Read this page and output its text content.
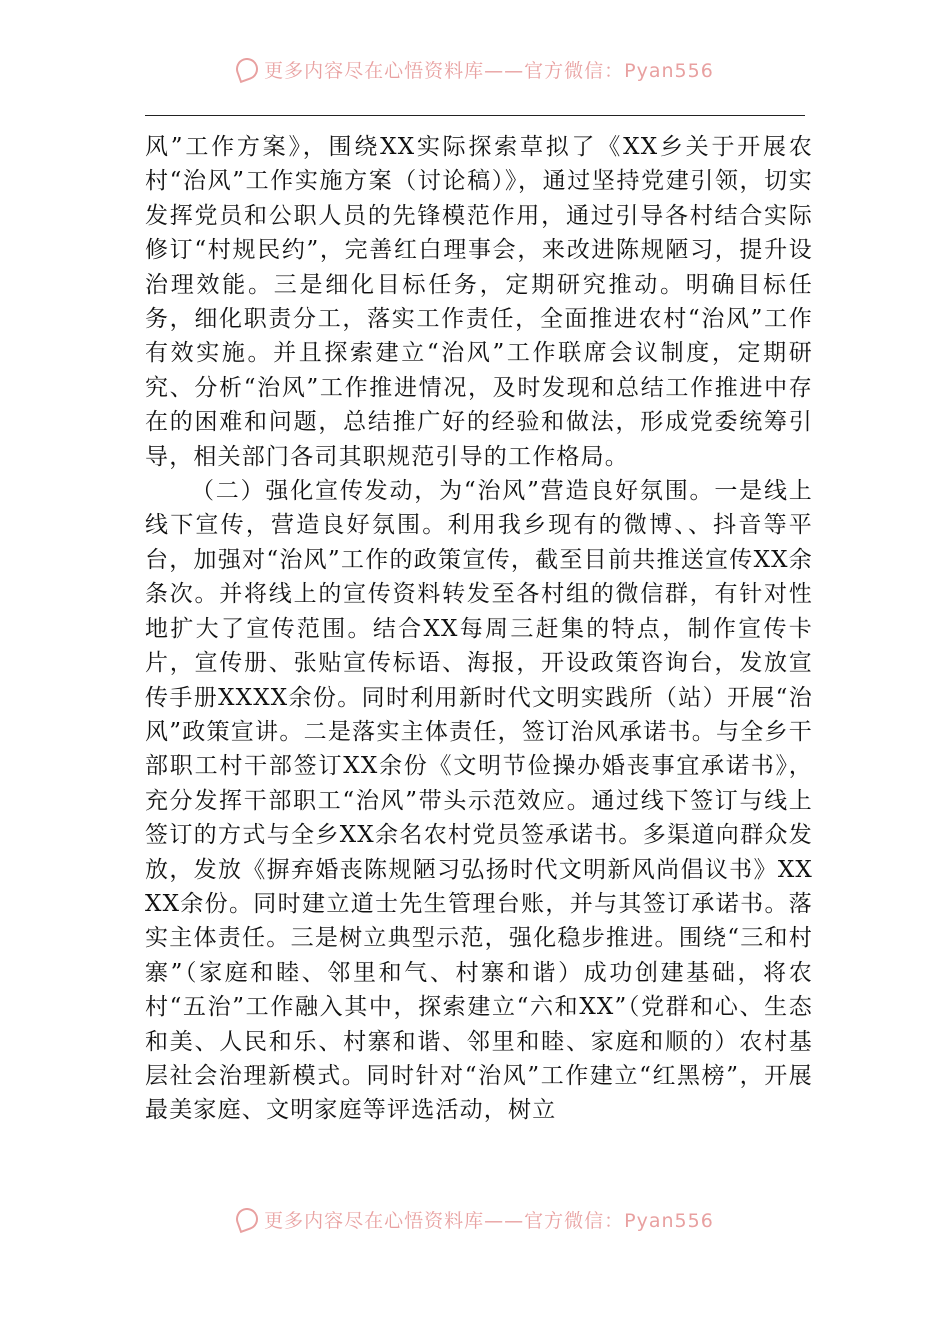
更多内容尽在心悟资料库——官方微信：Pyan556

风”工作方案》，围绕XX实际探索草拟了《XX乡关于开展农村“治风”工作实施方案（讨论稿）》，通过坚持党建引领，切实发挥党员和公职人员的先锋模范作用，通过引导各村结合实际修订“村规民约”，完善红白理事会，来改进陈规陋习，提升设治理效能。三是细化目标任务，定期研究推动。明确目标任务，细化职责分工，落实工作责任，全面推进农村“治风”工作有效实施。并且探索建立“治风”工作联席会议制度，定期研究、分析“治风”工作推进情况，及时发现和总结工作推进中存在的困难和问题，总结推广好的经验和做法，形成党委统筹引导，相关部门各司其职规范引导的工作格局。

（二）强化宣传发动，为“治风”营造良好氛围。一是线上线下宣传，营造良好氛围。利用我乡现有的微博、、抖音等平台，加强对“治风”工作的政策宣传，截至目前共推送宣传XX余条次。并将线上的宣传资料转发至各村组的微信群，有针对性地扩大了宣传范围。结合XX每周三赶集的特点，制作宣传卡片，宣传册、张贴宣传标语、海报，开设政策咨询台，发放宣传手册XXXX余份。同时利用新时代文明实践所（站）开展“治风”政策宣讲。二是落实主体责任，签订治风承诺书。与全乡干部职工村干部签订XX余份《文明节俭操办婚丧事宜承诺书》，充分发挥干部职工“治风”带头示范效应。通过线下签订与线上签订的方式与全乡XX余名农村党员签承诺书。多渠道向群众发放，发放《摒弃婚丧陈规陋习弘扬时代文明新风尚倡议书》XXXX余份。同时建立道士先生管理台账，并与其签订承诺书。落实主体责任。三是树立典型示范，强化稳步推进。围绕“三和村寨”（家庭和睦、邻里和气、村寨和谐）成功创建基础，将农村“五治”工作融入其中，探索建立“六和XX”（党群和心、生态和美、人民和乐、村寨和谐、邻里和睦、家庭和顺的）农村基层社会治理新模式。同时针对“治风”工作建立“红黑榜”，开展最美家庭、文明家庭等评选活动，树立

更多内容尽在心悟资料库——官方微信：Pyan556
